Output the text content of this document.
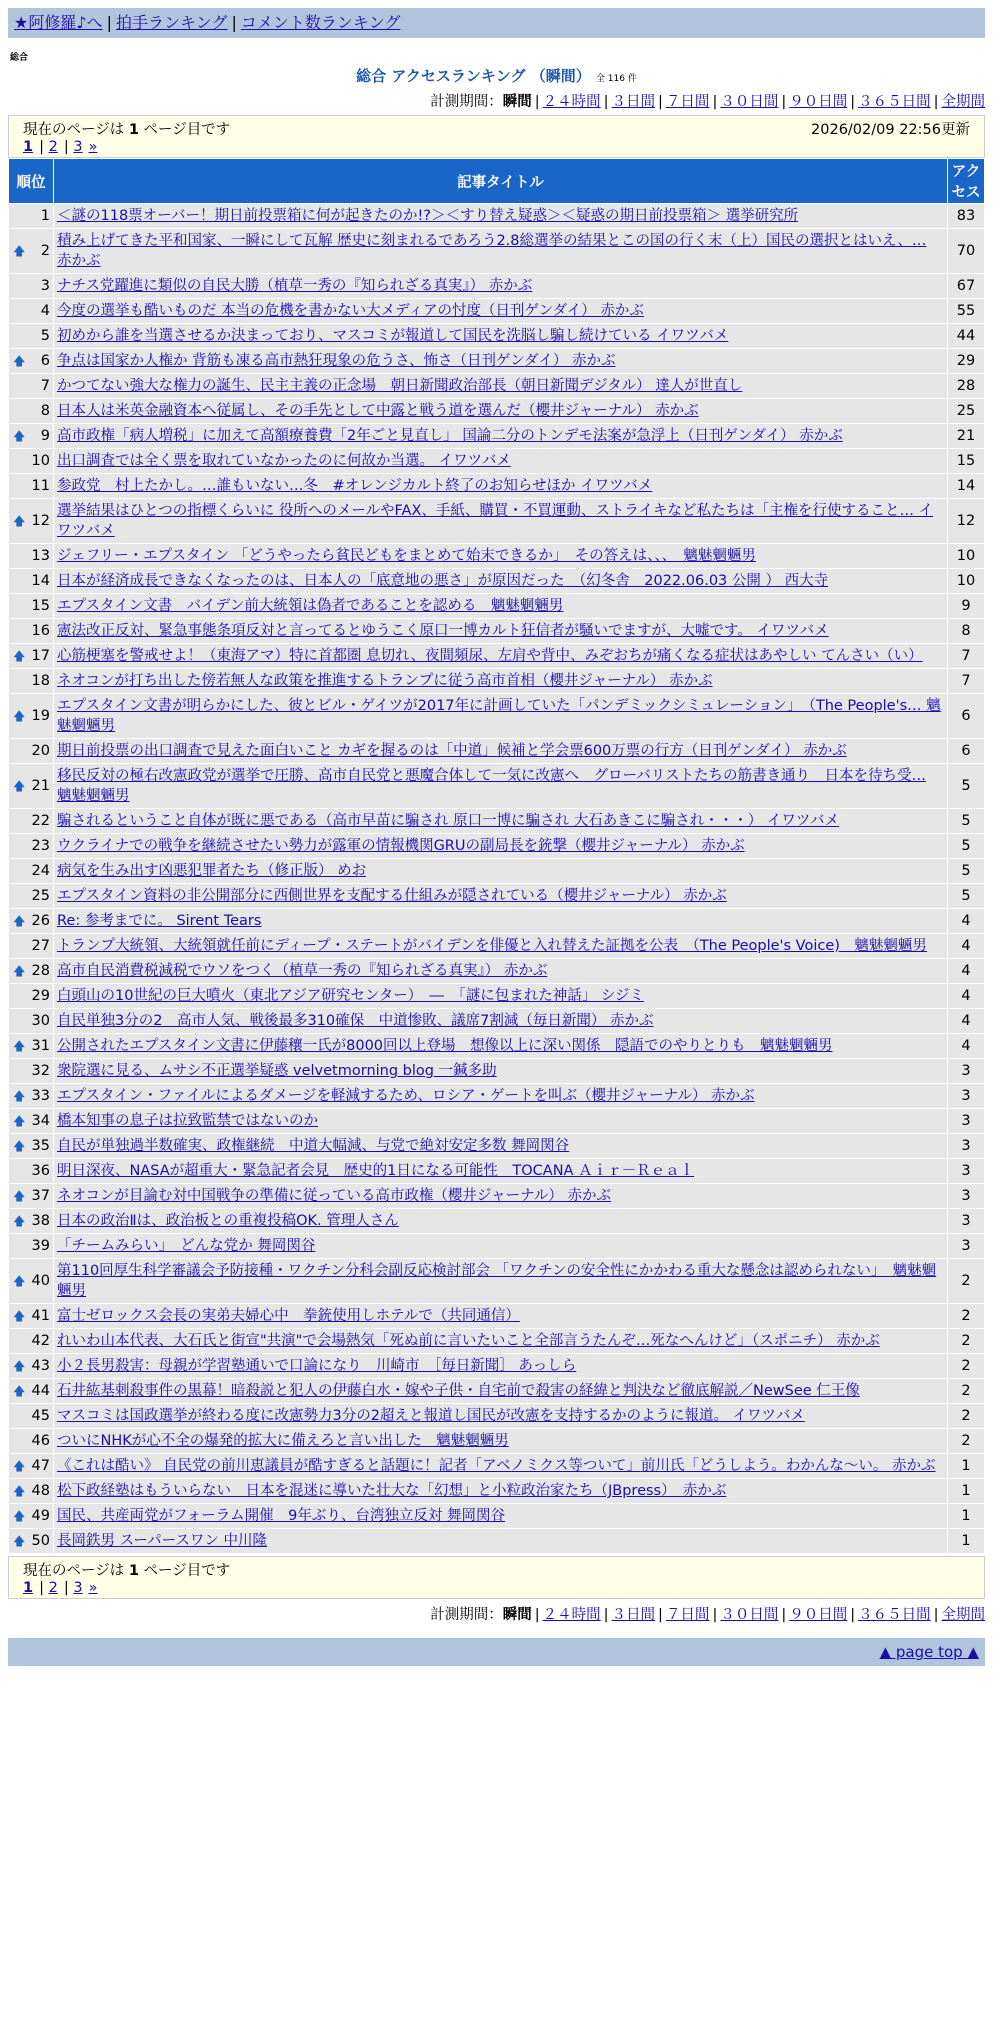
★阿修羅♪へ | 拍手ランキング | コメント数ランキング
総合
総合 アクセスランキング （瞬間） 全 116 件
計測期間：瞬間 | ２４時間 | ３日間 | ７日間 | ３０日間 | ９０日間 | ３６５日間 | 全期間
現在のページは 1 ページ目です	2026/02/09 22:56更新
1 | 2 | 3 »
順位	記事タイトル	アクセス
1	＜謎の118票オーバー！期日前投票箱に何が起きたのか!?＞＜すり替え疑惑＞＜疑惑の期日前投票箱＞ 選挙研究所	83

🡅 2	積み上げてきた平和国家、一瞬にして瓦解 歴史に刻まれるであろう2.8総選挙の結果とこの国の行く末（上）国民の選択とはいえ、… 赤かぶ	70
3	ナチス党躍進に類似の自民大勝（植草一秀の『知られざる真実』） 赤かぶ	67
4	今度の選挙も酷いものだ 本当の危機を書かない大メディアの忖度（日刊ゲンダイ） 赤かぶ	55
5	初めから誰を当選させるか決まっており、マスコミが報道して国民を洗脳し騙し続けている イワツバメ	44

🡅 6	争点は国家か人権か 背筋も凍る高市熱狂現象の危うさ、怖さ（日刊ゲンダイ） 赤かぶ	29
7	かつてない強大な権力の誕生、民主主義の正念場　朝日新聞政治部長（朝日新聞デジタル） 達人が世直し	28
8	日本人は米英金融資本へ従属し、その手先として中露と戦う道を選んだ（櫻井ジャーナル） 赤かぶ	25

🡅 9	高市政権「病人増税」に加えて高額療養費「2年ごと見直し」 国論二分のトンデモ法案が急浮上（日刊ゲンダイ） 赤かぶ	21
10	出口調査では全く票を取れていなかったのに何故か当選。 イワツバメ	15
11	参政党　村上たかし。…誰もいない…冬　#オレンジカルト終了のお知らせほか イワツバメ	14

🡅 12	選挙結果はひとつの指標くらいに 役所へのメールやFAX、手紙、購買・不買運動、ストライキなど私たちは「主権を行使すること… イワツバメ	12
13	ジェフリー・エプスタイン 「どうやったら貧民どもをまとめて始末できるか」　その答えは、、、　魑魅魍魎男	10
14	日本が経済成長できなくなったのは、日本人の「底意地の悪さ」が原因だった　（幻冬舎　2022.06.03 公開 ） 西大寺	10
15	エプスタイン文書　バイデン前大統領は偽者であることを認める　魑魅魍魎男	9
16	憲法改正反対、緊急事態条項反対と言ってるとゆうこく原口一博カルト狂信者が騒いでますが、大嘘です。 イワツバメ	8

🡅 17	心筋梗塞を警戒せよ！（東海アマ）特に首都圏 息切れ、夜間頻尿、左肩や背中、みぞおちが痛くなる症状はあやしい てんさい（い）	7
18	ネオコンが打ち出した傍若無人な政策を推進するトランプに従う高市首相（櫻井ジャーナル） 赤かぶ	7

🡅 19	エプスタイン文書が明らかにした、彼とビル・ゲイツが2017年に計画していた「パンデミックシミュレーション」　（The People's… 魑魅魍魎男	6
20	期日前投票の出口調査で見えた面白いこと カギを握るのは「中道」候補と学会票600万票の行方（日刊ゲンダイ） 赤かぶ	6

🡅 21	移民反対の極右改憲政党が選挙で圧勝、高市自民党と悪魔合体して一気に改憲へ　グローバリストたちの筋書き通り　日本を待ち受… 魑魅魍魎男	5
22	騙されるということ自体が既に悪である（高市早苗に騙され 原口一博に騙され 大石あきこに騙され・・・） イワツバメ	5
23	ウクライナでの戦争を継続させたい勢力が露軍の情報機関GRUの副局長を銃撃（櫻井ジャーナル） 赤かぶ	5
24	病気を生み出す凶悪犯罪者たち（修正版） めお	5
25	エプスタイン資料の非公開部分に西側世界を支配する仕組みが隠されている（櫻井ジャーナル） 赤かぶ	5

🡅 26	Re: 参考までに。 Sirent Tears	4
27	トランプ大統領、大統領就任前にディープ・ステートがバイデンを俳優と入れ替えた証拠を公表　（The People's Voice)　魑魅魍魎男	4

🡅 28	高市自民消費税減税でウソをつく（植草一秀の『知られざる真実』） 赤かぶ	4
29	白頭山の10世紀の巨大噴火（東北アジア研究センター）　―　「謎に包まれた神話」 シジミ	4
30	自民単独3分の2　高市人気、戦後最多310確保　中道惨敗、議席7割減（毎日新聞） 赤かぶ	4

🡅 31	公開されたエプスタイン文書に伊藤穰一氏が8000回以上登場　想像以上に深い関係　隠語でのやりとりも　魑魅魍魎男	4
32	衆院選に見る、ムサシ不正選挙疑惑 velvetmorning blog 一鍼多助	3

🡅 33	エプスタイン・ファイルによるダメージを軽減するため、ロシア・ゲートを叫ぶ（櫻井ジャーナル） 赤かぶ	3

🡅 34	橋本知事の息子は拉致監禁ではないのか	3

🡅 35	自民が単独過半数確実、政権継続　中道大幅減、与党で絶対安定多数 舞岡関谷	3
36	明日深夜、NASAが超重大・緊急記者会見　歴史的1日になる可能性　TOCANA Ａｉｒ－Ｒｅａｌ	3

🡅 37	ネオコンが目論む対中国戦争の準備に従っている高市政権（櫻井ジャーナル） 赤かぶ	3

🡅 38	日本の政治Ⅱは、政治板との重複投稿OK. 管理人さん	3
39	「チームみらい」　どんな党か 舞岡関谷	3

🡅 40	第110回厚生科学審議会予防接種・ワクチン分科会副反応検討部会 「ワクチンの安全性にかかわる重大な懸念は認められない」　魑魅魍魎男	2

🡅 41	富士ゼロックス会長の実弟夫婦心中　拳銃使用しホテルで（共同通信）	2
42	れいわ山本代表、大石氏と街宣"共演"で会場熱気「死ぬ前に言いたいこと全部言うたんぞ…死なへんけど」（スポニチ） 赤かぶ	2

🡅 43	小２長男殺害：母親が学習塾通いで口論になり　川崎市　［毎日新聞］ あっしら	2

🡅 44	石井紘基刺殺事件の黒幕！暗殺説と犯人の伊藤白水・嫁や子供・自宅前で殺害の経緯と判決など徹底解説／NewSee 仁王像	2
45	マスコミは国政選挙が終わる度に改憲勢力3分の2超えと報道し国民が改憲を支持するかのように報道。 イワツバメ	2
46	ついにNHKが心不全の爆発的拡大に備えろと言い出した　魑魅魍魎男	2

🡅 47	《これは酷い》 自民党の前川恵議員が酷すぎると話題に！記者「アベノミクス等ついて」前川氏「どうしよう。わかんな～い。 赤かぶ	1

🡅 48	松下政経塾はもういらない　日本を混迷に導いた壮大な「幻想」と小粒政治家たち（JBpress）　赤かぶ	1

🡅 49	国民、共産両党がフォーラム開催　9年ぶり、台湾独立反対 舞岡関谷	1

🡅 50	長岡鉄男 スーパースワン 中川隆	1
現在のページは 1 ページ目です
1 | 2 | 3 »
計測期間：瞬間 | ２４時間 | ３日間 | ７日間 | ３０日間 | ９０日間 | ３６５日間 | 全期間
▲ page top ▲
